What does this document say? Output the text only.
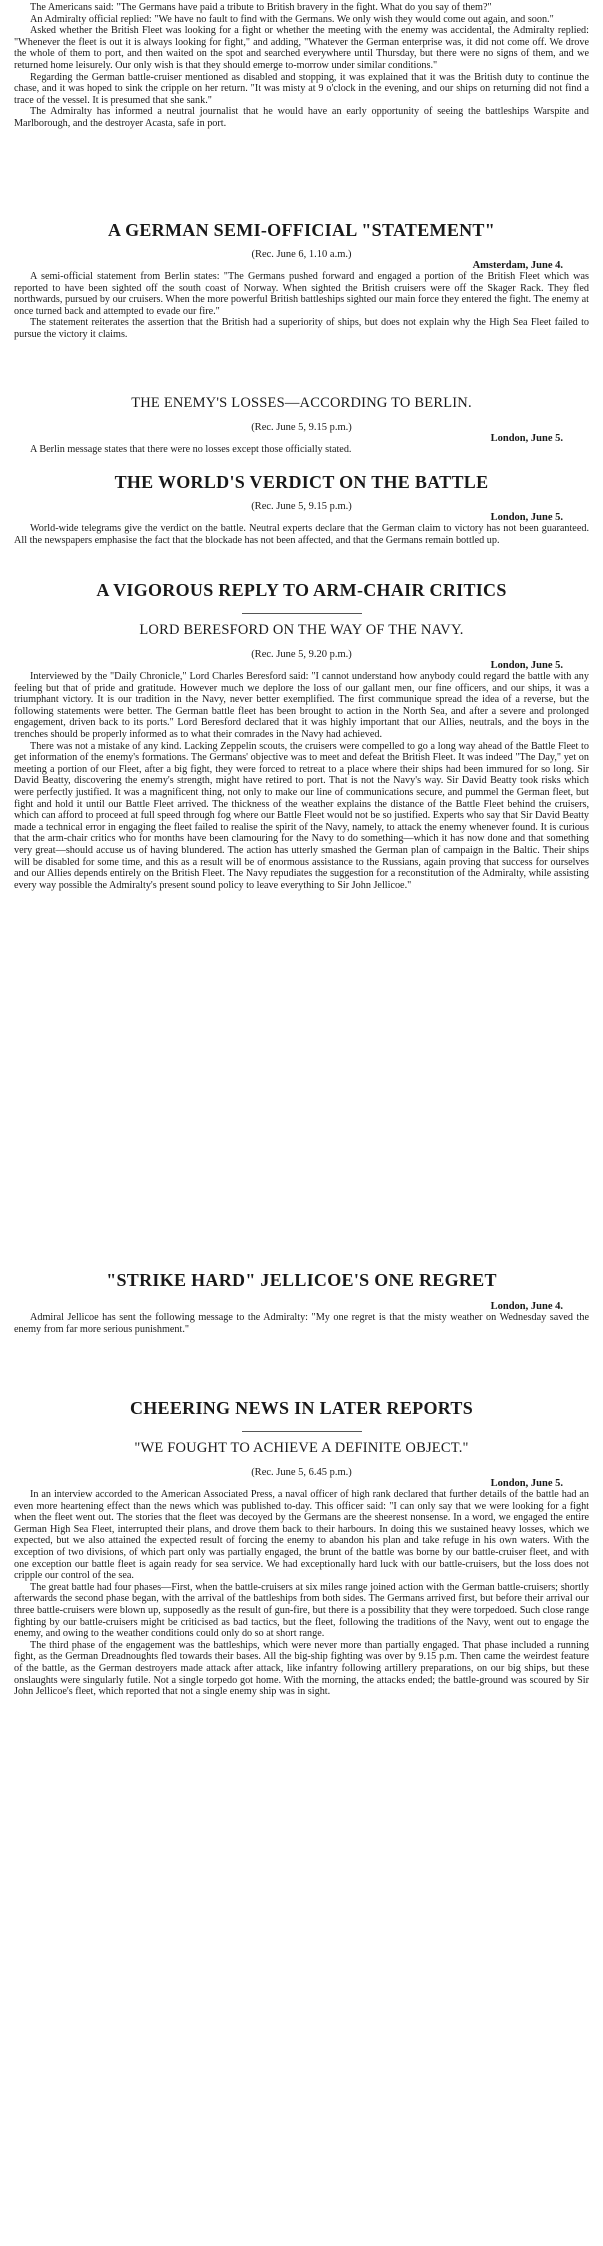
The Americans said: "The Germans have paid a tribute to British bravery in the fight. What do you say of them?"

An Admiralty official replied: "We have no fault to find with the Germans. We only wish they would come out again, and soon."

Asked whether the British Fleet was looking for a fight or whether the meeting with the enemy was accidental, the Admiralty replied: "Whenever the fleet is out it is always looking for fight," and adding, "Whatever the German enterprise was, it did not come off. We drove the whole of them to port, and then waited on the spot and searched everywhere until Thursday, but there were no signs of them, and we returned home leisurely. Our only wish is that they should emerge to-morrow under similar conditions."

Regarding the German battle-cruiser mentioned as disabled and stopping, it was explained that it was the British duty to continue the chase, and it was hoped to sink the cripple on her return. "It was misty at 9 o'clock in the evening, and our ships on returning did not find a trace of the vessel. It is presumed that she sank."

The Admiralty has informed a neutral journalist that he would have an early opportunity of seeing the battleships Warspite and Marlborough, and the destroyer Acasta, safe in port.

A GERMAN SEMI-OFFICIAL "STATEMENT"

(Rec. June 6, 1.10 a.m.)

Amsterdam, June 4.

A semi-official statement from Berlin states: "The Germans pushed forward and engaged a portion of the British Fleet which was reported to have been sighted off the south coast of Norway. When sighted the British cruisers were off the Skager Rack. They fled northwards, pursued by our cruisers. When the more powerful British battleships sighted our main force they entered the fight. The enemy at once turned back and attempted to evade our fire."

The statement reiterates the assertion that the British had a superiority of ships, but does not explain why the High Sea Fleet failed to pursue the victory it claims.

THE ENEMY'S LOSSES—ACCORDING TO BERLIN.

(Rec. June 5, 9.15 p.m.)

London, June 5.

A Berlin message states that there were no losses except those officially stated.

THE WORLD'S VERDICT ON THE BATTLE

(Rec. June 5, 9.15 p.m.)

London, June 5.

World-wide telegrams give the verdict on the battle. Neutral experts declare that the German claim to victory has not been guaranteed. All the newspapers emphasise the fact that the blockade has not been affected, and that the Germans remain bottled up.

A VIGOROUS REPLY TO ARM-CHAIR CRITICS

LORD BERESFORD ON THE WAY OF THE NAVY.

(Rec. June 5, 9.20 p.m.)

London, June 5.

Interviewed by the "Daily Chronicle," Lord Charles Beresford said: "I cannot understand how anybody could regard the battle with any feeling but that of pride and gratitude. However much we deplore the loss of our gallant men, our fine officers, and our ships, it was a triumphant victory. It is our tradition in the Navy, never better exemplified. The first communique spread the idea of a reverse, but the following statements were better. The German battle fleet has been brought to action in the North Sea, and after a severe and prolonged engagement, driven back to its ports." Lord Beresford declared that it was highly important that our Allies, neutrals, and the boys in the trenches should be properly informed as to what their comrades in the Navy had achieved.

There was not a mistake of any kind. Lacking Zeppelin scouts, the cruisers were compelled to go a long way ahead of the Battle Fleet to get information of the enemy's formations. The Germans' objective was to meet and defeat the British Fleet. It was indeed "The Day," yet on meeting a portion of our Fleet, after a big fight, they were forced to retreat to a place where their ships had been immured for so long. Sir David Beatty, discovering the enemy's strength, might have retired to port. That is not the Navy's way. Sir David Beatty took risks which were perfectly justified. It was a magnificent thing, not only to make our line of communications secure, and pummel the German fleet, but fight and hold it until our Battle Fleet arrived. The thickness of the weather explains the distance of the Battle Fleet behind the cruisers, which can afford to proceed at full speed through fog where our Battle Fleet would not be so justified. Experts who say that Sir David Beatty made a technical error in engaging the fleet failed to realise the spirit of the Navy, namely, to attack the enemy whenever found. It is curious that the arm-chair critics who for months have been clamouring for the Navy to do something—which it has now done and that something very great—should accuse us of having blundered. The action has utterly smashed the German plan of campaign in the Baltic. Their ships will be disabled for some time, and this as a result will be of enormous assistance to the Russians, again proving that success for ourselves and our Allies depends entirely on the British Fleet. The Navy repudiates the suggestion for a reconstitution of the Admiralty, while assisting every way possible the Admiralty's present sound policy to leave everything to Sir John Jellicoe."

"STRIKE HARD" JELLICOE'S ONE REGRET

London, June 4.

Admiral Jellicoe has sent the following message to the Admiralty: "My one regret is that the misty weather on Wednesday saved the enemy from far more serious punishment."

CHEERING NEWS IN LATER REPORTS

"WE FOUGHT TO ACHIEVE A DEFINITE OBJECT."

(Rec. June 5, 6.45 p.m.)

London, June 5.

In an interview accorded to the American Associated Press, a naval officer of high rank declared that further details of the battle had an even more heartening effect than the news which was published to-day. This officer said: "I can only say that we were looking for a fight when the fleet went out. The stories that the fleet was decoyed by the Germans are the sheerest nonsense. In a word, we engaged the entire German High Sea Fleet, interrupted their plans, and drove them back to their harbours. In doing this we sustained heavy losses, which we expected, but we also attained the expected result of forcing the enemy to abandon his plan and take refuge in his own waters. With the exception of two divisions, of which part only was partially engaged, the brunt of the battle was borne by our battle-cruiser fleet, and with one exception our battle fleet is again ready for sea service. We had exceptionally hard luck with our battle-cruisers, but the loss does not cripple our control of the sea.

The great battle had four phases—First, when the battle-cruisers at six miles range joined action with the German battle-cruisers; shortly afterwards the second phase began, with the arrival of the battleships from both sides. The Germans arrived first, but before their arrival our three battle-cruisers were blown up, supposedly as the result of gun-fire, but there is a possibility that they were torpedoed. Such close range fighting by our battle-cruisers might be criticised as bad tactics, but the fleet, following the traditions of the Navy, went out to engage the enemy, and owing to the weather conditions could only do so at short range.

The third phase of the engagement was the battleships, which were never more than partially engaged. That phase included a running fight, as the German Dreadnoughts fled towards their bases. All the big-ship fighting was over by 9.15 p.m. Then came the weirdest feature of the battle, as the German destroyers made attack after attack, like infantry following artillery preparations, on our big ships, but these onslaughts were singularly futile. Not a single torpedo got home. With the morning, the attacks ended; the battle-ground was scoured by Sir John Jellicoe's fleet, which reported that not a single enemy ship was in sight.
